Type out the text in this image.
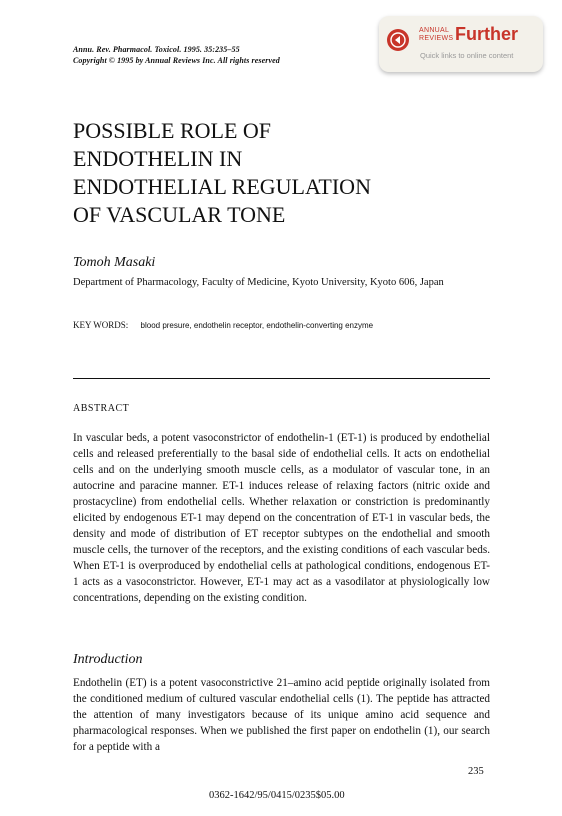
Annu. Rev. Pharmacol. Toxicol. 1995. 35:235–55
Copyright © 1995 by Annual Reviews Inc. All rights reserved
ANNUAL
REVIEWS Further
Quick links to online content
POSSIBLE ROLE OF
ENDOTHELIN IN
ENDOTHELIAL REGULATION
OF VASCULAR TONE
Tomoh Masaki
Department of Pharmacology, Faculty of Medicine, Kyoto University, Kyoto 606, Japan
KEY WORDS: blood presure, endothelin receptor, endothelin-converting enzyme
ABSTRACT
In vascular beds, a potent vasoconstrictor of endothelin-1 (ET-1) is produced by endothelial cells and released preferentially to the basal side of endothelial cells. It acts on endothelial cells and on the underlying smooth muscle cells, as a modulator of vascular tone, in an autocrine and paracine manner. ET-1 induces release of relaxing factors (nitric oxide and prostacycline) from endothelial cells. Whether relaxation or constriction is predominantly elicited by endogenous ET-1 may depend on the concentration of ET-1 in vascular beds, the density and mode of distribution of ET receptor subtypes on the endothelial and smooth muscle cells, the turnover of the receptors, and the existing conditions of each vascular beds. When ET-1 is overproduced by endothelial cells at pathological conditions, endogenous ET-1 acts as a vasoconstrictor. However, ET-1 may act as a vasodilator at physiologically low concentrations, depending on the existing condition.
Introduction
Endothelin (ET) is a potent vasoconstrictive 21–amino acid peptide originally isolated from the conditioned medium of cultured vascular endothelial cells (1). The peptide has attracted the attention of many investigators because of its unique amino acid sequence and pharmacological responses. When we published the first paper on endothelin (1), our search for a peptide with a
235
0362-1642/95/0415/0235$05.00
